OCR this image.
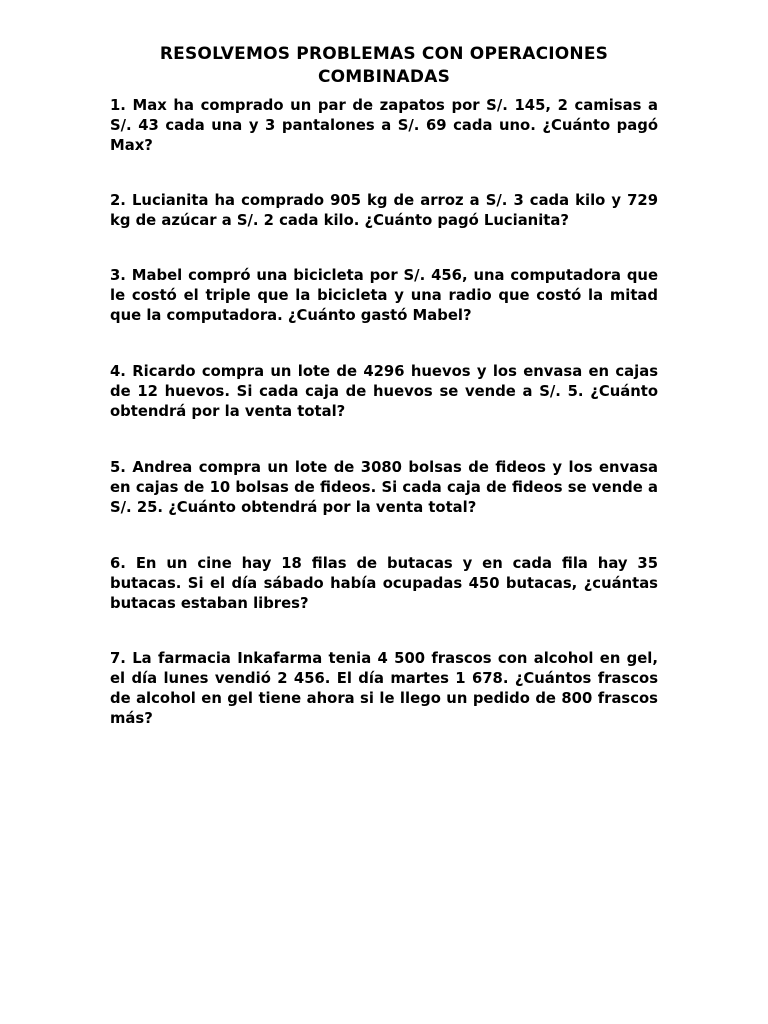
RESOLVEMOS PROBLEMAS CON OPERACIONES
COMBINADAS
1. Max ha comprado un par de zapatos por S/. 145, 2 camisas a S/. 43 cada una y 3 pantalones a S/. 69 cada uno. ¿Cuánto pagó Max?
2. Lucianita ha comprado 905 kg de arroz a S/. 3 cada kilo y 729 kg de azúcar a S/. 2 cada kilo. ¿Cuánto pagó Lucianita?
3. Mabel compró una bicicleta por S/. 456, una computadora que le costó el triple que la bicicleta y una radio que costó la mitad que la computadora. ¿Cuánto gastó Mabel?
4. Ricardo compra un lote de 4296 huevos y los envasa en cajas de 12 huevos. Si cada caja de huevos se vende a S/. 5. ¿Cuánto obtendrá por la venta total?
5. Andrea compra un lote de 3080 bolsas de fideos y los envasa en cajas de 10 bolsas de fideos. Si cada caja de fideos se vende a S/. 25. ¿Cuánto obtendrá por la venta total?
6. En un cine hay 18 filas de butacas y en cada fila hay 35 butacas. Si el día sábado había ocupadas 450 butacas, ¿cuántas butacas estaban libres?
7. La farmacia Inkafarma tenia 4 500 frascos con alcohol en gel, el día lunes vendió 2 456. El día martes 1 678. ¿Cuántos frascos de alcohol en gel tiene ahora si le llego un pedido de 800 frascos más?
